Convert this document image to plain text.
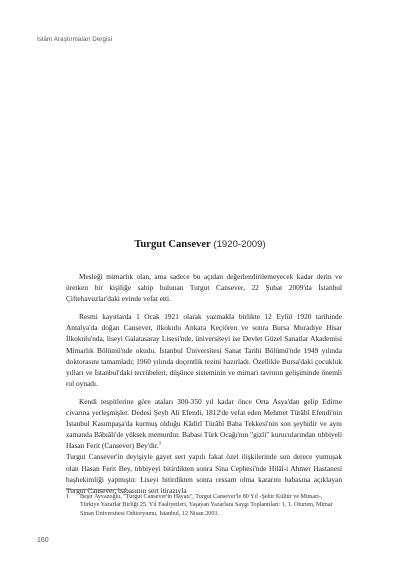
İslâm Araştırmaları Dergisi
Turgut Cansever (1920-2009)

Mesleği mimarlık olan, ama sadece bu açıdan değerlendirilemeyecek kadar derin ve üretken bir kişiliğe sahip bulunan Turgut Cansever, 22 Şubat 2009'da İstanbul Çiftehavuzlar'daki evinde vefat etti.

Resmi kayıtlarda 1 Ocak 1921 olarak yazmakla birlikte 12 Eylül 1920 tarihinde Antalya'da doğan Cansever, ilkokulu Ankara Keçiören ve sonra Bursa Muradiye Hisar İlkokulu'nda, liseyi Galatasaray Lisesi'nde, üniversiteyi ise Devlet Güzel Sanatlar Akademisi Mimarlık Bölümü'nde okudu. İstanbul Üniversitesi Sanat Tarihi Bölümü'nde 1949 yılında doktorasını tamamladı; 1960 yılında doçentlik tezini hazırladı. Özellikle Bursa'daki çocukluk yılları ve İstanbul'daki tecrübeleri, düşünce sisteminin ve mimari tavrının gelişiminde önemli rol oynadı.

Kendi tespitlerine göre ataları 300-350 yıl kadar önce Orta Asya'dan gelip Edirne civarına yerleşmişler. Dedesi Şeyh Ali Efendi, 1812'de vefat eden Mehmet Türâbî Efendi'nin İstanbul Kasımpaşa'da kurmuş olduğu Kâdirî Türâbî Baba Tekkesi'nin son şeyhidir ve aynı zamanda Bâbıâli'de yüksek memurdur. Babası Türk Ocağı'nın "gizli" kurucularından tıbbiyeli Hasan Ferit (Cansever) Bey'dir.$^1$

Turgut Cansever'in deyişiyle gayet sert yapılı fakat özel ilişkilerinde son derece yumuşak olan Hasan Ferit Bey, tıbbiyeyi bitirdikten sonra Sina Cephesi'nde Hilâl-i Ahmer Hastanesi başhekimliği yapmıştır. Liseyi bitirdikten sonra ressam olma kararını babasına açıklayan Turgut Cansever, babasının sert itirazıyla

1	Beşir Ayvazoğlu, "Turgut Cansever'in Hayatı", Turgut Cansever'le 80 Yıl -Şehir Kültür ve Mimari-, Türkiye Yazarlar Birliği 25. Yıl Faaliyetleri, Yaşayan Yazarlara Saygı Toplantıları: 1, 1. Oturum, Mimar Sinan Üniversitesi Oditoryumu, İstanbul, 12 Nisan 2003.
160
